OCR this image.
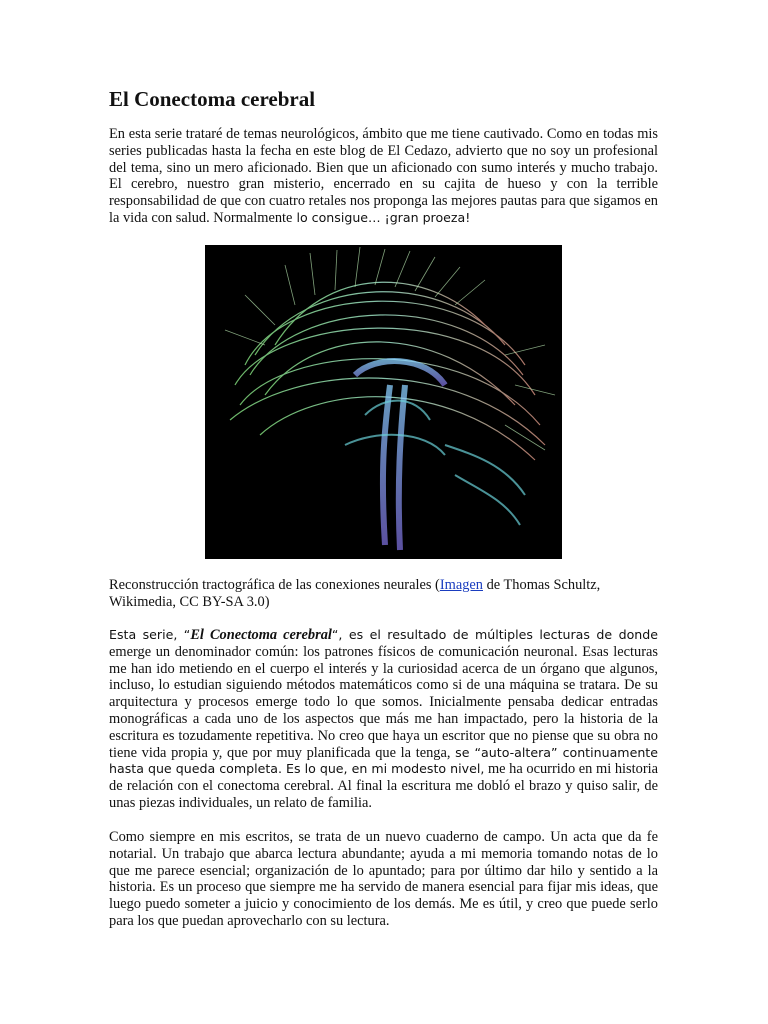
El Conectoma cerebral

En esta serie trataré de temas neurológicos, ámbito que me tiene cautivado. Como en todas mis series publicadas hasta la fecha en este blog de El Cedazo, advierto que no soy un profesional del tema, sino un mero aficionado. Bien que un aficionado con sumo interés y mucho trabajo. El cerebro, nuestro gran misterio, encerrado en su cajita de hueso y con la terrible responsabilidad de que con cuatro retales nos proponga las mejores pautas para que sigamos en la vida con salud. Normalmente lo consigue… ¡gran proeza!

Reconstrucción tractográfica de las conexiones neurales (Imagen de Thomas Schultz, Wikimedia, CC BY-SA 3.0)

Esta serie, “El Conectoma cerebral“, es el resultado de múltiples lecturas de donde emerge un denominador común: los patrones físicos de comunicación neuronal. Esas lecturas me han ido metiendo en el cuerpo el interés y la curiosidad acerca de un órgano que algunos, incluso, lo estudian siguiendo métodos matemáticos como si de una máquina se tratara. De su arquitectura y procesos emerge todo lo que somos. Inicialmente pensaba dedicar entradas monográficas a cada uno de los aspectos que más me han impactado, pero la historia de la escritura es tozudamente repetitiva. No creo que haya un escritor que no piense que su obra no tiene vida propia y, que por muy planificada que la tenga, se “auto-altera” continuamente hasta que queda completa. Es lo que, en mi modesto nivel, me ha ocurrido en mi historia de relación con el conectoma cerebral. Al final la escritura me dobló el brazo y quiso salir, de unas piezas individuales, un relato de familia.

Como siempre en mis escritos, se trata de un nuevo cuaderno de campo. Un acta que da fe notarial. Un trabajo que abarca lectura abundante; ayuda a mi memoria tomando notas de lo que me parece esencial; organización de lo apuntado; para por último dar hilo y sentido a la historia. Es un proceso que siempre me ha servido de manera esencial para fijar mis ideas, que luego puedo someter a juicio y conocimiento de los demás. Me es útil, y creo que puede serlo para los que puedan aprovecharlo con su lectura.
